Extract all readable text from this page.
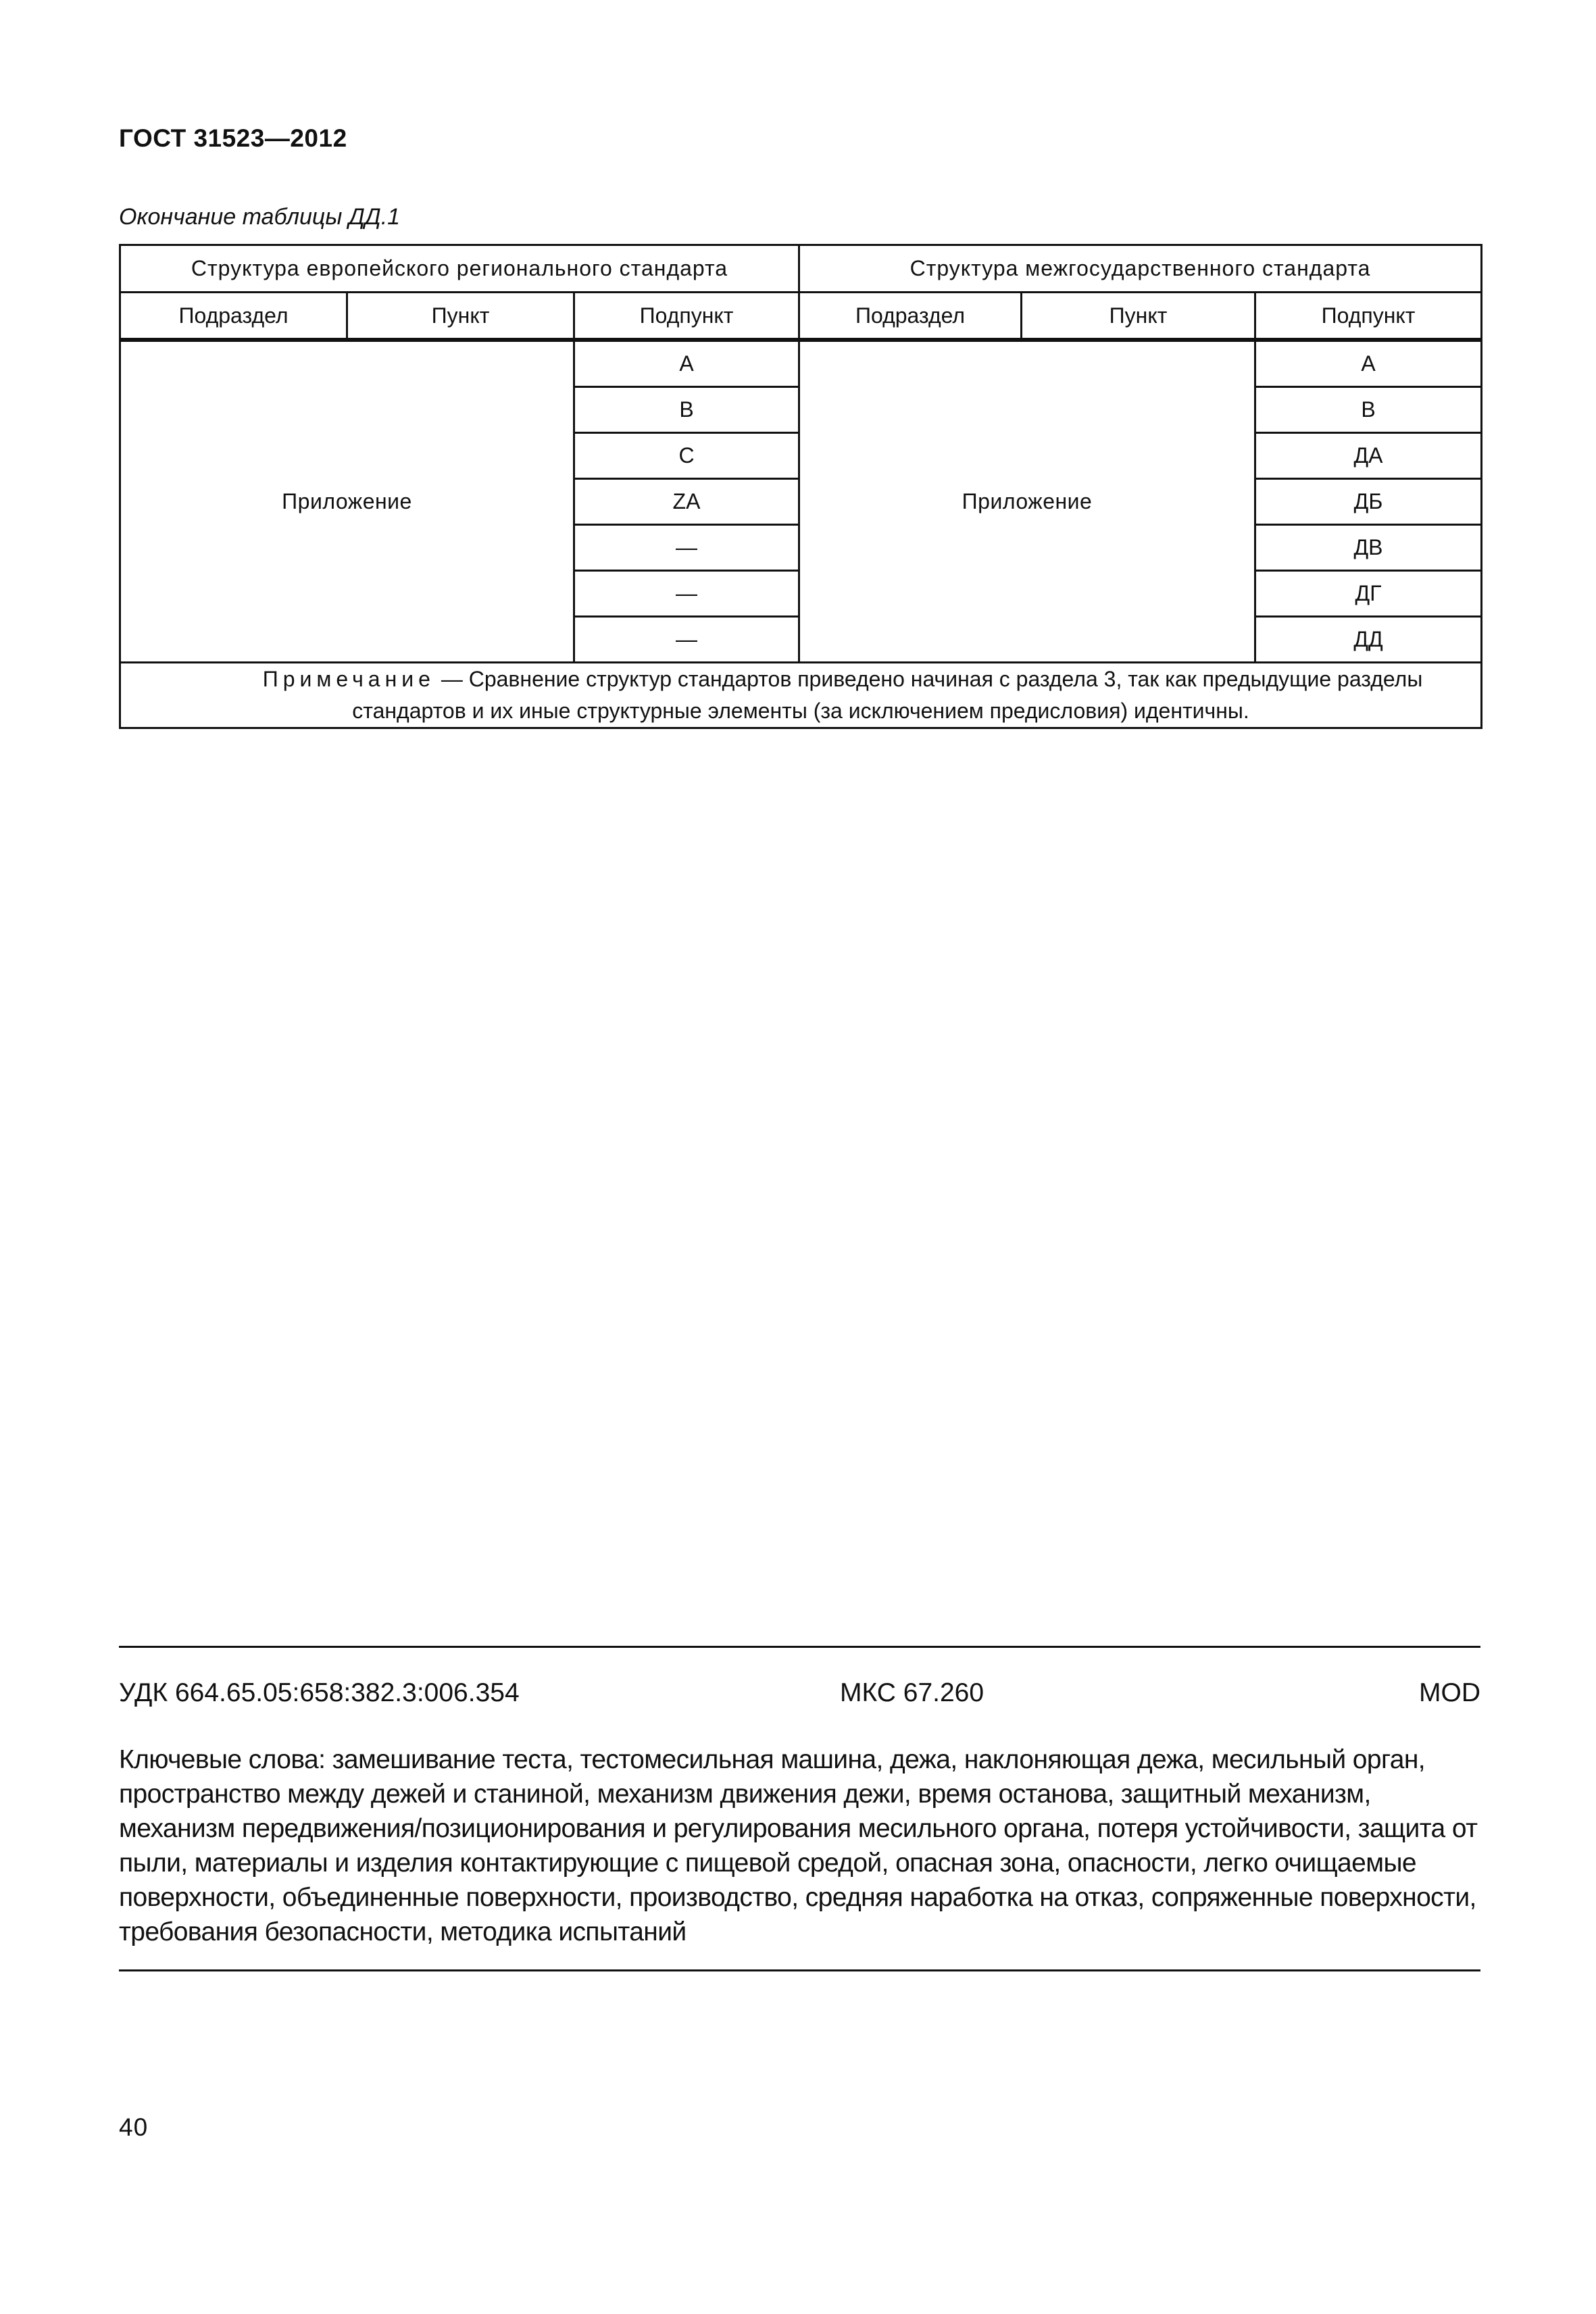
ГОСТ 31523—2012
Окончание таблицы ДД.1
Структура европейского регионального стандарта			Структура межгосударственного стандарта		
Подраздел	Пункт	Подпункт	Подраздел	Пункт	Подпункт
Приложение		A	Приложение		А
		B			В
		C			ДА
		ZA			ДБ
		—			ДВ
		—			ДГ
		—			ДД
Примечание — Сравнение структур стандартов приведено начиная с раздела 3, так как предыдущие разделы стандартов и их иные структурные элементы (за исключением предисловия) идентичны.					
УДК 664.65.05:658:382.3:006.354	МКС 67.260	MOD
Ключевые слова: замешивание теста, тестомесильная машина, дежа, наклоняющая дежа, месильный орган, пространство между дежей и станиной, механизм движения дежи, время останова, защитный механизм, механизм передвижения/позиционирования и регулирования месильного органа, потеря устойчивости, защита от пыли, материалы и изделия контактирующие с пищевой средой, опасная зона, опасности, легко очищаемые поверхности, объединенные поверхности, производство, средняя наработка на отказ, сопряженные поверхности, требования безопасности, методика испытаний
40
